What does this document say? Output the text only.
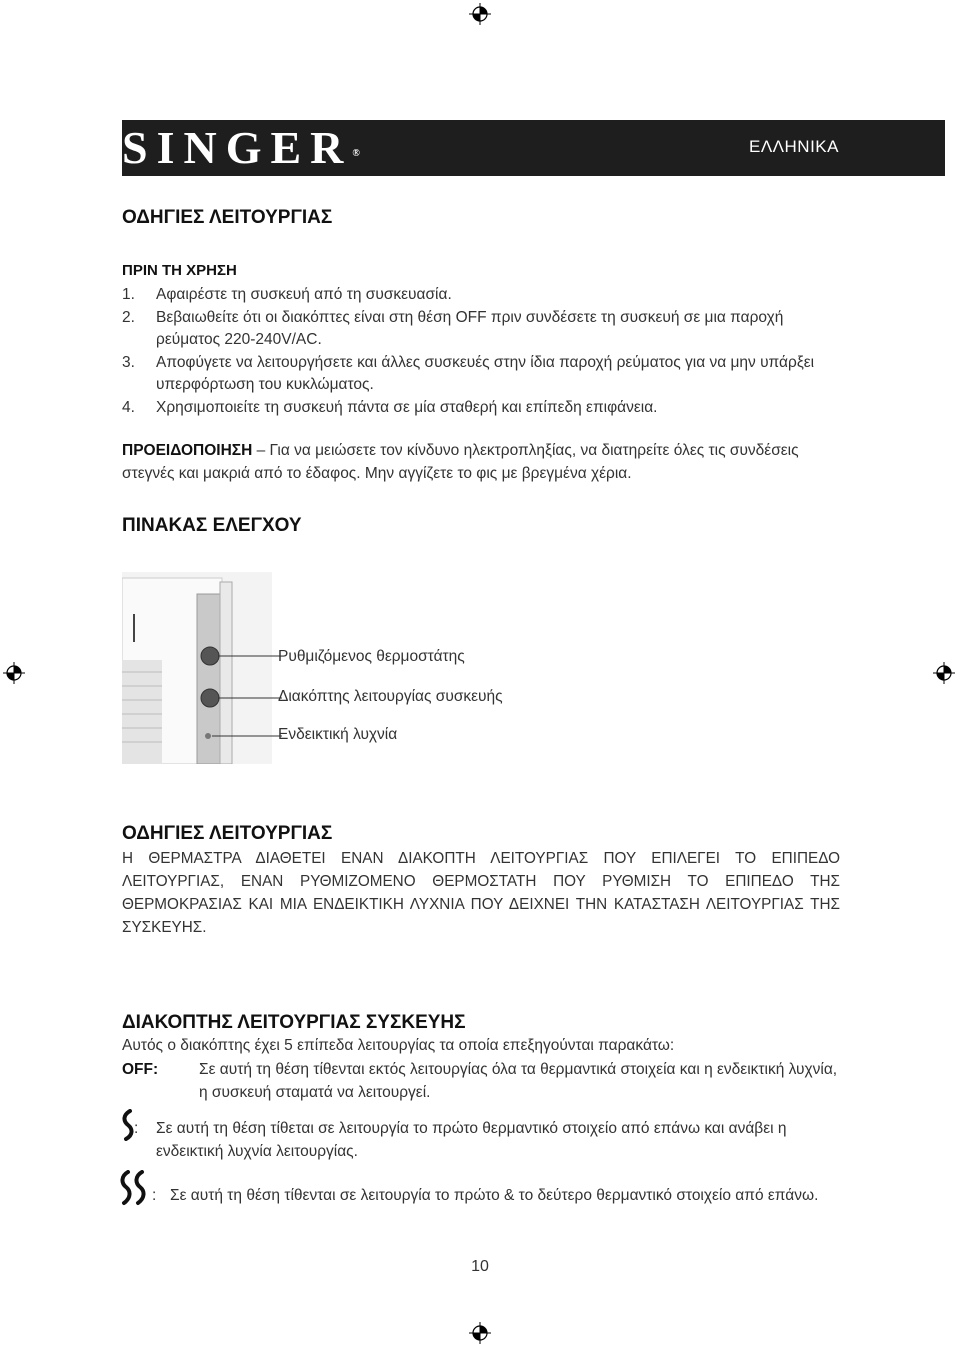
SINGER®	ΕΛΛΗΝΙΚΑ
ΟΔΗΓΙΕΣ ΛΕΙΤΟΥΡΓΙΑΣ
ΠΡΙΝ ΤΗ ΧΡΗΣΗ
1.	Αφαιρέστε τη συσκευή από τη συσκευασία.
2.	Βεβαιωθείτε ότι οι διακόπτες είναι στη θέση OFF πριν συνδέσετε τη συσκευή σε μια παροχή ρεύματος 220-240V/AC.
3.	Αποφύγετε να λειτουργήσετε και άλλες συσκευές στην ίδια παροχή ρεύματος για να μην υπάρξει υπερφόρτωση του κυκλώματος.
4.	Χρησιμοποιείτε τη συσκευή πάντα σε μία σταθερή και επίπεδη επιφάνεια.
ΠΡΟΕΙΔΟΠΟΙΗΣΗ – Για να μειώσετε τον κίνδυνο ηλεκτροπληξίας, να διατηρείτε όλες τις συνδέσεις στεγνές και μακριά από το έδαφος. Μην αγγίζετε το φις με βρεγμένα χέρια.
ΠΙΝΑΚΑΣ ΕΛΕΓΧΟΥ
Ρυθμιζόμενος θερμοστάτης
Διακόπτης λειτουργίας συσκευής
Ενδεικτική λυχνία
ΟΔΗΓΙΕΣ ΛΕΙΤΟΥΡΓΙΑΣ
Η ΘΕΡΜΑΣΤΡΑ ΔΙΑΘΕΤΕΙ ΕΝΑΝ ΔΙΑΚΟΠΤΗ ΛΕΙΤΟΥΡΓΙΑΣ ΠΟΥ ΕΠΙΛΕΓΕΙ ΤΟ ΕΠΙΠΕΔΟ ΛΕΙΤΟΥΡΓΙΑΣ, ΕΝΑΝ ΡΥΘΜΙΖΟΜΕΝΟ ΘΕΡΜΟΣΤΑΤΗ ΠΟΥ ΡΥΘΜΙΣΗ ΤΟ ΕΠΙΠΕΔΟ ΤΗΣ ΘΕΡΜΟΚΡΑΣΙΑΣ ΚΑΙ ΜΙΑ ΕΝΔΕΙΚΤΙΚΗ ΛΥΧΝΙΑ ΠΟΥ ΔΕΙΧΝΕΙ ΤΗΝ ΚΑΤΑΣΤΑΣΗ ΛΕΙΤΟΥΡΓΙΑΣ ΤΗΣ ΣΥΣΚΕΥΗΣ.
ΔΙΑΚΟΠΤΗΣ ΛΕΙΤΟΥΡΓΙΑΣ ΣΥΣΚΕΥΗΣ
Αυτός ο διακόπτης έχει 5 επίπεδα λειτουργίας τα οποία επεξηγούνται παρακάτω:
OFF:	Σε αυτή τη θέση τίθενται εκτός λειτουργίας όλα τα θερμαντικά στοιχεία και η ενδεικτική λυχνία, η συσκευή σταματά να λειτουργεί.
: Σε αυτή τη θέση τίθεται σε λειτουργία το πρώτο θερμαντικό στοιχείο από επάνω και ανάβει η ενδεικτική λυχνία λειτουργίας.
: Σε αυτή τη θέση τίθενται σε λειτουργία το πρώτο & το δεύτερο θερμαντικό στοιχείο από επάνω.
10
